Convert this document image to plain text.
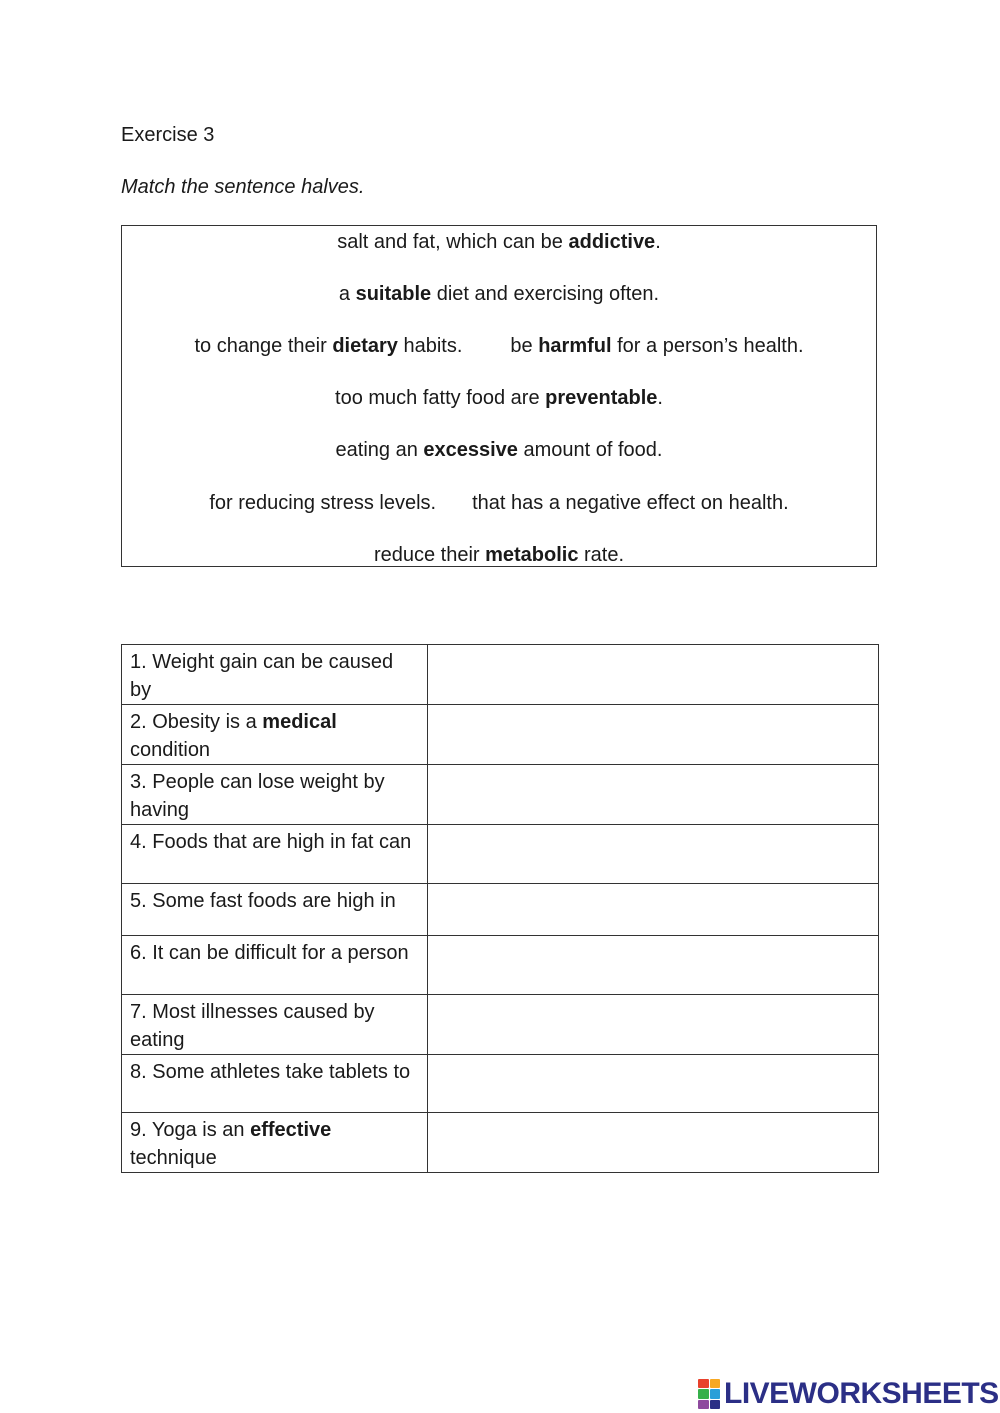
Exercise 3
Match the sentence halves.
salt and fat, which can be addictive.
a suitable diet and exercising often.
to change their dietary habits. be harmful for a person’s health.
too much fatty food are preventable.
eating an excessive amount of food.
for reducing stress levels. that has a negative effect on health.
reduce their metabolic rate.
1. Weight gain can be caused by	
2. Obesity is a medical condition	
3. People can lose weight by having	
4. Foods that are high in fat can	
5. Some fast foods are high in	
6. It can be difficult for a person	
7. Most illnesses caused by eating	
8. Some athletes take tablets to	
9. Yoga is an effective technique	
LIVEWORKSHEETS
